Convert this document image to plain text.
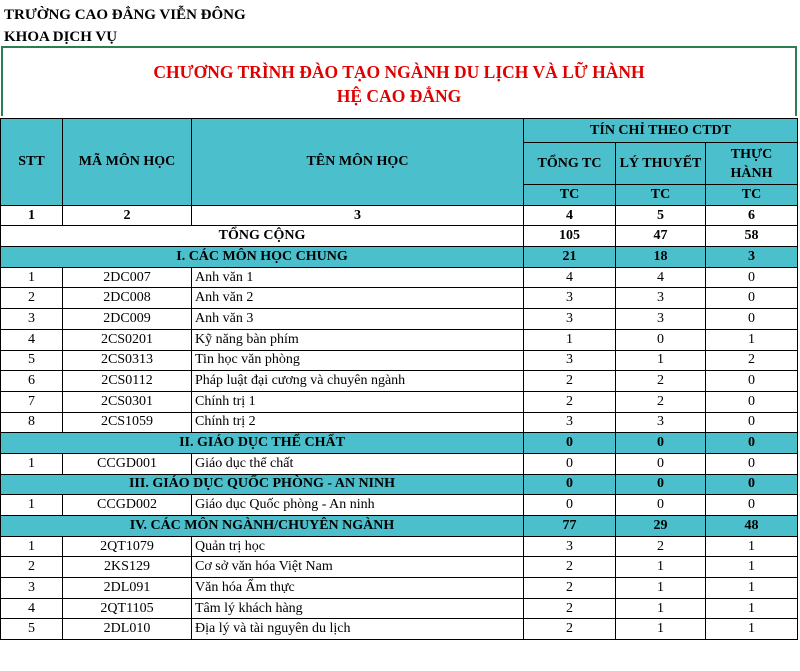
TRƯỜNG CAO ĐẲNG VIỄN ĐÔNG
KHOA DỊCH VỤ
CHƯƠNG TRÌNH ĐÀO TẠO NGÀNH DU LỊCH VÀ LỮ HÀNH
HỆ CAO ĐẲNG
STT	MÃ MÔN HỌC	TÊN MÔN HỌC	TÍN CHỈ THEO CTDT		
			TỔNG TC	LÝ THUYẾT	THỰC HÀNH
			TC	TC	TC
1	2	3	4	5	6
TỔNG CỘNG			105	47	58
I. CÁC MÔN HỌC CHUNG			21	18	3
1	2DC007	Anh văn 1	4	4	0
2	2DC008	Anh văn 2	3	3	0
3	2DC009	Anh văn 3	3	3	0
4	2CS0201	Kỹ năng bàn phím	1	0	1
5	2CS0313	Tin học văn phòng	3	1	2
6	2CS0112	Pháp luật đại cương và chuyên ngành	2	2	0
7	2CS0301	Chính trị 1	2	2	0
8	2CS1059	Chính trị 2	3	3	0
II. GIÁO DỤC THỂ CHẤT			0	0	0
1	CCGD001	Giáo dục thể chất	0	0	0
III. GIÁO DỤC QUỐC PHÒNG - AN NINH			0	0	0
1	CCGD002	Giáo dục Quốc phòng - An ninh	0	0	0
IV. CÁC MÔN NGÀNH/CHUYÊN NGÀNH			77	29	48
1	2QT1079	Quản trị học	3	2	1
2	2KS129	Cơ sở văn hóa Việt Nam	2	1	1
3	2DL091	Văn hóa Ẩm thực	2	1	1
4	2QT1105	Tâm lý khách hàng	2	1	1
5	2DL010	Địa lý và tài nguyên du lịch	2	1	1
